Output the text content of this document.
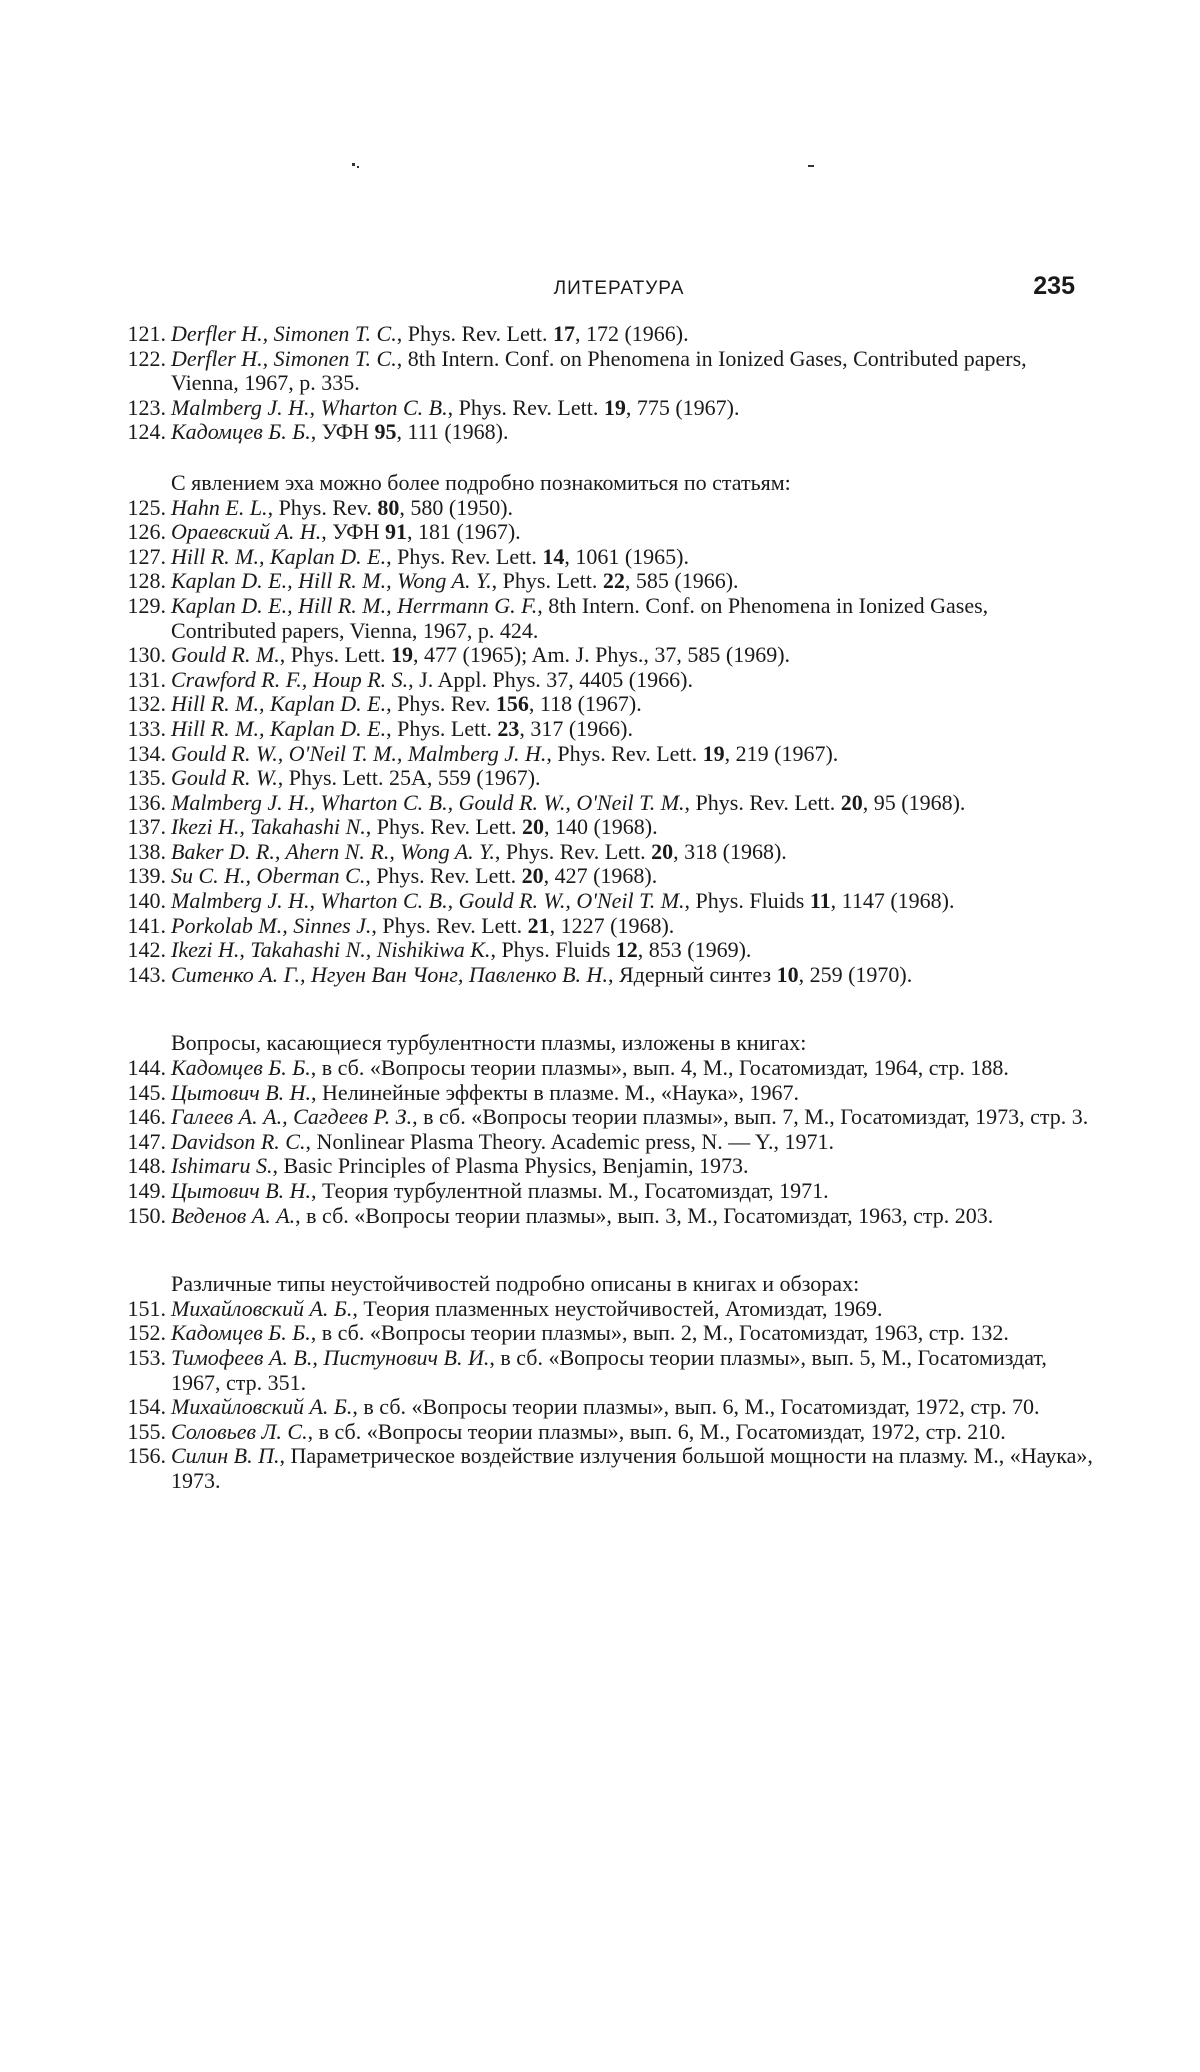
ЛИТЕРАТУРА	235
121. Derfler H., Simonen T. C., Phys. Rev. Lett. 17, 172 (1966).
122. Derfler H., Simonen T. C., 8th Intern. Conf. on Phenomena in Ionized Gases, Contributed papers, Vienna, 1967, p. 335.
123. Malmberg J. H., Wharton C. B., Phys. Rev. Lett. 19, 775 (1967).
124. Кадомцев Б. Б., УФН 95, 111 (1968).
С явлением эха можно более подробно познакомиться по статьям:
125. Hahn E. L., Phys. Rev. 80, 580 (1950).
126. Ораевский А. Н., УФН 91, 181 (1967).
127. Hill R. M., Kaplan D. E., Phys. Rev. Lett. 14, 1061 (1965).
128. Kaplan D. E., Hill R. M., Wong A. Y., Phys. Lett. 22, 585 (1966).
129. Kaplan D. E., Hill R. M., Herrmann G. F., 8th Intern. Conf. on Phenomena in Ionized Gases, Contributed papers, Vienna, 1967, p. 424.
130. Gould R. M., Phys. Lett. 19, 477 (1965); Am. J. Phys., 37, 585 (1969).
131. Crawford R. F., Houp R. S., J. Appl. Phys. 37, 4405 (1966).
132. Hill R. M., Kaplan D. E., Phys. Rev. 156, 118 (1967).
133. Hill R. M., Kaplan D. E., Phys. Lett. 23, 317 (1966).
134. Gould R. W., O'Neil T. M., Malmberg J. H., Phys. Rev. Lett. 19, 219 (1967).
135. Gould R. W., Phys. Lett. 25A, 559 (1967).
136. Malmberg J. H., Wharton C. B., Gould R. W., O'Neil T. M., Phys. Rev. Lett. 20, 95 (1968).
137. Ikezi H., Takahashi N., Phys. Rev. Lett. 20, 140 (1968).
138. Baker D. R., Ahern N. R., Wong A. Y., Phys. Rev. Lett. 20, 318 (1968).
139. Su C. H., Oberman C., Phys. Rev. Lett. 20, 427 (1968).
140. Malmberg J. H., Wharton C. B., Gould R. W., O'Neil T. M., Phys. Fluids 11, 1147 (1968).
141. Porkolab M., Sinnes J., Phys. Rev. Lett. 21, 1227 (1968).
142. Ikezi H., Takahashi N., Nishikiwa K., Phys. Fluids 12, 853 (1969).
143. Ситенко А. Г., Нгуен Ван Чонг, Павленко В. Н., Ядерный синтез 10, 259 (1970).
Вопросы, касающиеся турбулентности плазмы, изложены в книгах:
144. Кадомцев Б. Б., в сб. «Вопросы теории плазмы», вып. 4, М., Госатомиздат, 1964, стр. 188.
145. Цытович В. Н., Нелинейные эффекты в плазме. М., «Наука», 1967.
146. Галеев А. А., Сагдеев Р. З., в сб. «Вопросы теории плазмы», вып. 7, М., Госатомиздат, 1973, стр. 3.
147. Davidson R. C., Nonlinear Plasma Theory. Academic press, N. — Y., 1971.
148. Ishimaru S., Basic Principles of Plasma Physics, Benjamin, 1973.
149. Цытович В. Н., Теория турбулентной плазмы. М., Госатомиздат, 1971.
150. Веденов А. А., в сб. «Вопросы теории плазмы», вып. 3, М., Госатомиздат, 1963, стр. 203.
Различные типы неустойчивостей подробно описаны в книгах и обзорах:
151. Михайловский А. Б., Теория плазменных неустойчивостей, Атомиздат, 1969.
152. Кадомцев Б. Б., в сб. «Вопросы теории плазмы», вып. 2, М., Госатомиздат, 1963, стр. 132.
153. Тимофеев А. В., Пистунович В. И., в сб. «Вопросы теории плазмы», вып. 5, М., Госатомиздат, 1967, стр. 351.
154. Михайловский А. Б., в сб. «Вопросы теории плазмы», вып. 6, М., Госатомиздат, 1972, стр. 70.
155. Соловьев Л. С., в сб. «Вопросы теории плазмы», вып. 6, М., Госатомиздат, 1972, стр. 210.
156. Силин В. П., Параметрическое воздействие излучения большой мощности на плазму. М., «Наука», 1973.
